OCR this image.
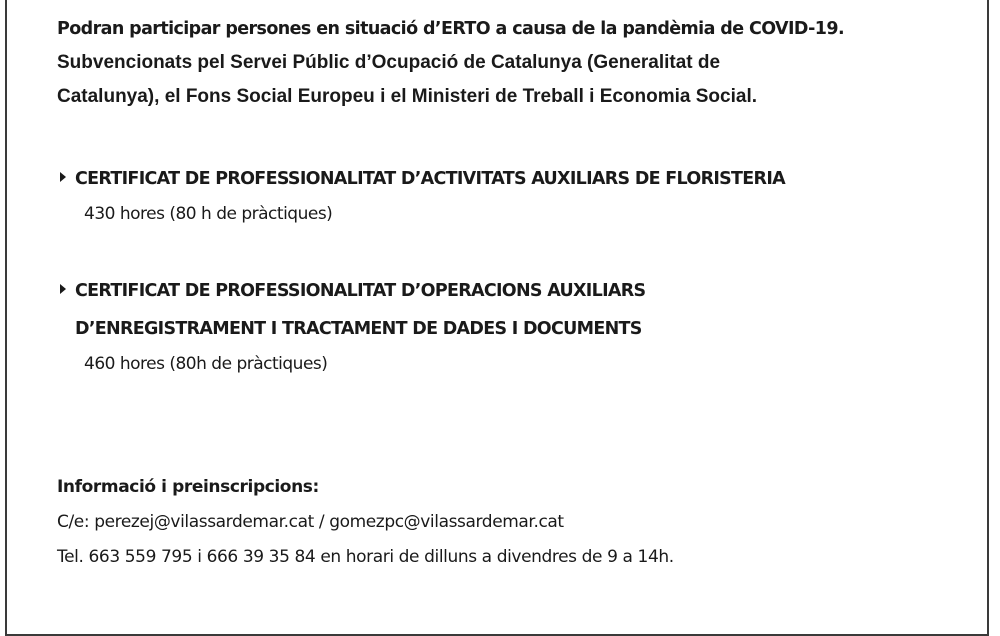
Podran participar persones en situació d’ERTO a causa de la pandèmia de COVID-19.
Subvencionats pel Servei Públic d’Ocupació de Catalunya (Generalitat de
Catalunya), el Fons Social Europeu i el Ministeri de Treball i Economia Social.
CERTIFICAT DE PROFESSIONALITAT D’ACTIVITATS AUXILIARS DE FLORISTERIA
430 hores (80 h de pràctiques)
CERTIFICAT DE PROFESSIONALITAT D’OPERACIONS AUXILIARS
D’ENREGISTRAMENT I TRACTAMENT DE DADES I DOCUMENTS
460 hores (80h de pràctiques)
Informació i preinscripcions:
C/e: perezej@vilassardemar.cat / gomezpc@vilassardemar.cat
Tel. 663 559 795 i 666 39 35 84 en horari de dilluns a divendres de 9 a 14h.
